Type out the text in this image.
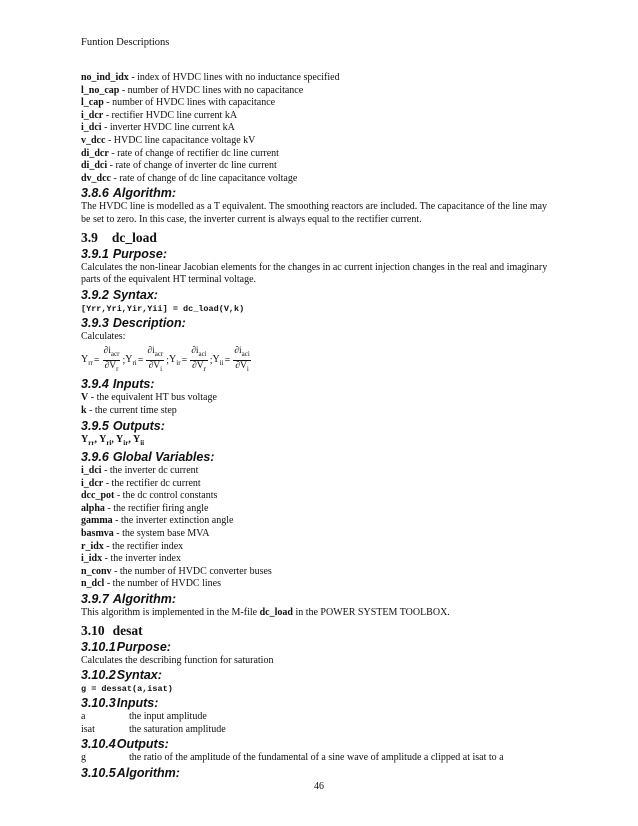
Funtion Descriptions

no_ind_idx - index of HVDC lines with no inductance specified

l_no_cap - number of HVDC lines with no capacitance

l_cap - number of HVDC lines with capacitance

i_dcr - rectifier HVDC line current kA

i_dci - inverter HVDC line current kA

v_dcc - HVDC line capacitance voltage kV

di_dcr - rate of change of rectifier dc line current

di_dci - rate of change of inverter dc line current

dv_dcc - rate of change of dc line capacitance voltage

3.8.6 Algorithm:

The HVDC line is modelled as a T equivalent. The smoothing reactors are included. The capacitance of the line may be set to zero. In this case, the inverter current is always equal to the rectifier current.

3.9 dc_load
3.9.1 Purpose:

Calculates the non-linear Jacobian elements for the changes in ac current injection changes in the real and imaginary parts of the equivalent HT terminal voltage.

3.9.2 Syntax:

[Yrr,Yri,Yir,Yii] = dc_load(V,k)

3.9.3 Description:

Calculates:

$Y_{rr} = \frac{\partial i_{acr}}{\partial V_r}$ ; $Y_{ri} = \frac{\partial i_{acr}}{\partial V_i}$ ; $Y_{ir} = \frac{\partial i_{aci}}{\partial V_r}$ ; $Y_{ii} = \frac{\partial i_{aci}}{\partial V_i}$
3.9.4 Inputs:

V - the equivalent HT bus voltage

k - the current time step

3.9.5 Outputs:

$Y_{rr}$, $Y_{ri}$, $Y_{ir}$, $Y_{ii}$

3.9.6 Global Variables:

i_dci - the inverter dc current

i_dcr - the rectifier dc current

dcc_pot - the dc control constants

alpha - the rectifier firing angle

gamma - the inverter extinction angle

basmva - the system base MVA

r_idx - the rectifier index

i_idx - the inverter index

n_conv - the number of HVDC converter buses

n_dcl - the number of HVDC lines

3.9.7 Algorithm:

This algorithm is implemented in the M-file dc_load in the POWER SYSTEM TOOLBOX.

3.10 desat
3.10.1Purpose:

Calculates the describing function for saturation

3.10.2Syntax:

g = dessat(a,isat)

3.10.3Inputs:
a	the input amplitude
isat	the saturation amplitude
3.10.4Outputs:
g	the ratio of the amplitude of the fundamental of a sine wave of amplitude a clipped at isat to a
3.10.5Algorithm:
46
